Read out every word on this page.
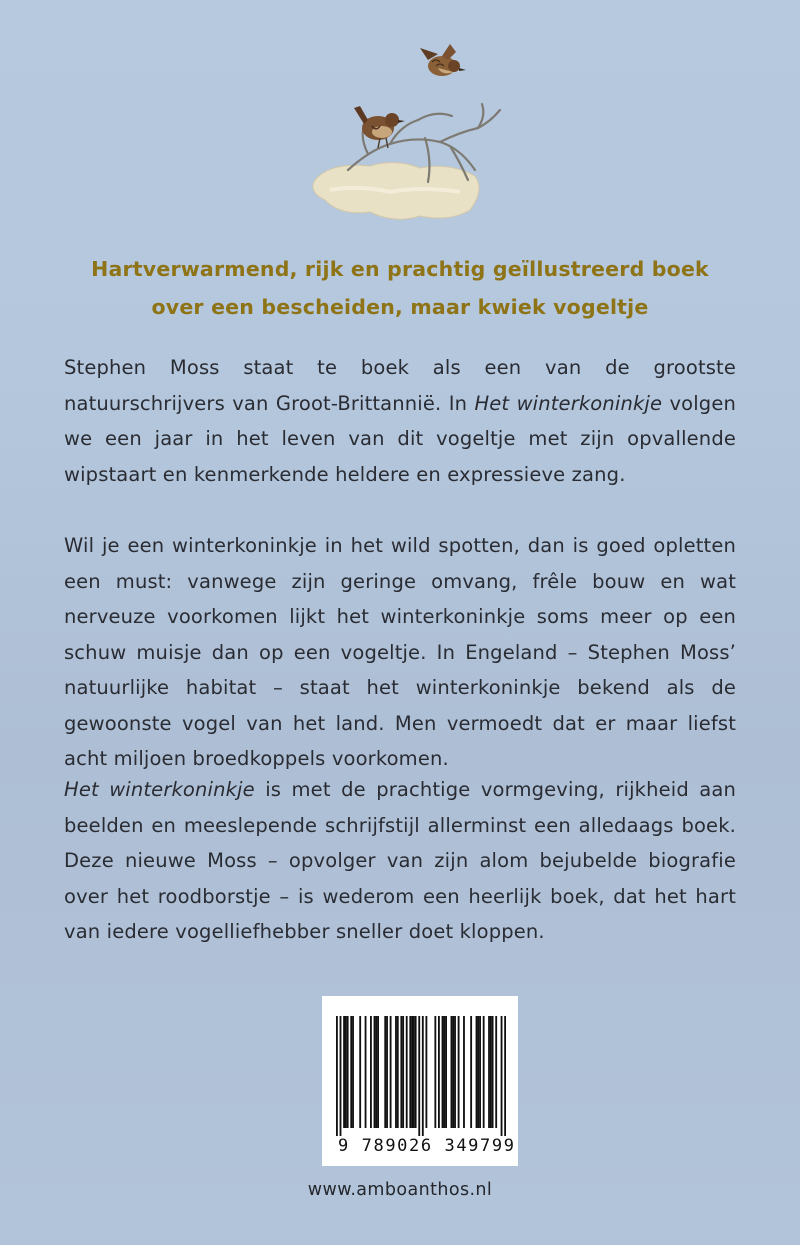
Hartverwarmend, rijk en prachtig geïllustreerd boek
over een bescheiden, maar kwiek vogeltje
Stephen Moss staat te boek als een van de grootste natuurschrijvers van Groot-Brittannië. In Het winterkoninkje volgen we een jaar in het leven van dit vogeltje met zijn opvallende wipstaart en kenmerkende heldere en expressieve zang.
Wil je een winterkoninkje in het wild spotten, dan is goed opletten een must: vanwege zijn geringe omvang, frêle bouw en wat nerveuze voorkomen lijkt het winterkoninkje soms meer op een schuw muisje dan op een vogeltje. In Engeland – Stephen Moss’ natuurlijke habitat – staat het winterkoninkje bekend als de gewoonste vogel van het land. Men vermoedt dat er maar liefst acht miljoen broedkoppels voorkomen.
Het winterkoninkje is met de prachtige vormgeving, rijkheid aan beelden en meeslepende schrijfstijl allerminst een alledaags boek. Deze nieuwe Moss – opvolger van zijn alom bejubelde biografie over het roodborstje – is wederom een heerlijk boek, dat het hart van iedere vogelliefhebber sneller doet kloppen.
9 789026 349799
www.amboanthos.nl
